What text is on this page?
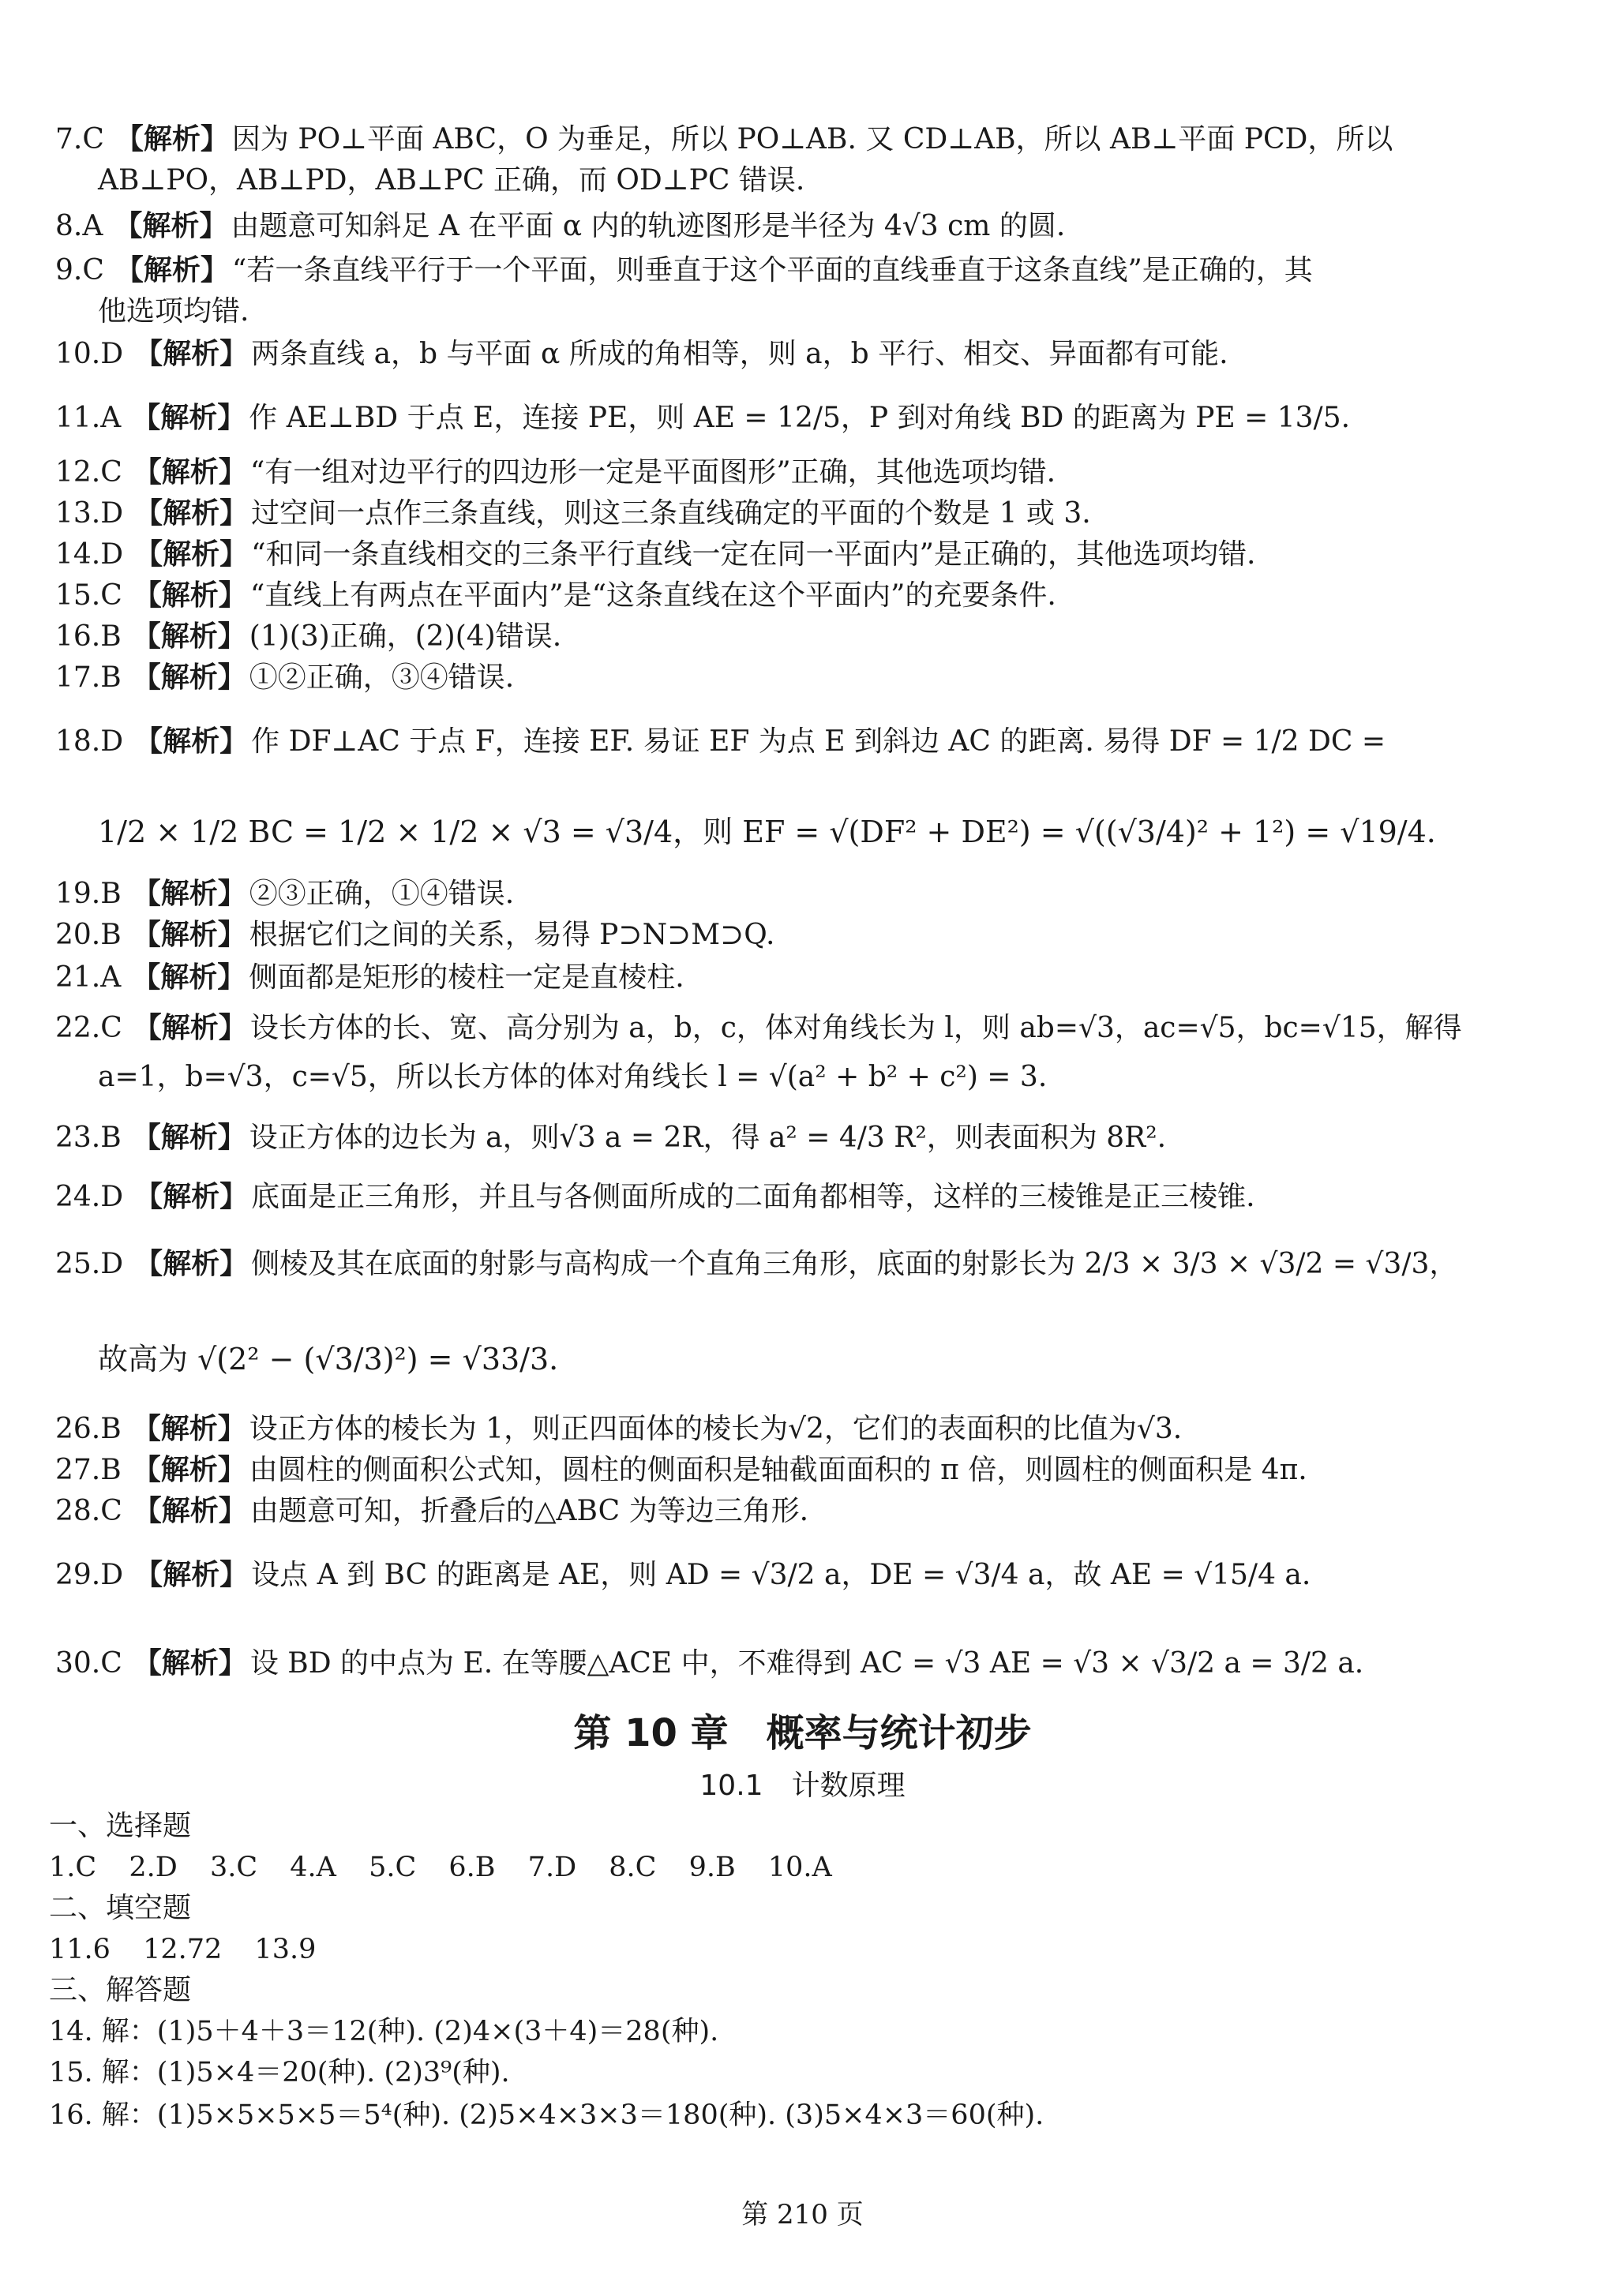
7.C 【解析】 因为 PO⊥平面 ABC，O 为垂足，所以 PO⊥AB. 又 CD⊥AB，所以 AB⊥平面 PCD，所以
AB⊥PO，AB⊥PD，AB⊥PC 正确，而 OD⊥PC 错误.
8.A 【解析】 由题意可知斜足 A 在平面 α 内的轨迹图形是半径为 4√3 cm 的圆.
9.C 【解析】 “若一条直线平行于一个平面，则垂直于这个平面的直线垂直于这条直线”是正确的，其
他选项均错.
10.D 【解析】 两条直线 a，b 与平面 α 所成的角相等，则 a，b 平行、相交、异面都有可能.
11.A 【解析】 作 AE⊥BD 于点 E，连接 PE，则 AE = 12/5，P 到对角线 BD 的距离为 PE = 13/5.
12.C 【解析】 “有一组对边平行的四边形一定是平面图形”正确，其他选项均错.
13.D 【解析】 过空间一点作三条直线，则这三条直线确定的平面的个数是 1 或 3.
14.D 【解析】 “和同一条直线相交的三条平行直线一定在同一平面内”是正确的，其他选项均错.
15.C 【解析】 “直线上有两点在平面内”是“这条直线在这个平面内”的充要条件.
16.B 【解析】 (1)(3)正确，(2)(4)错误.
17.B 【解析】 ①②正确，③④错误.
18.D 【解析】 作 DF⊥AC 于点 F，连接 EF. 易证 EF 为点 E 到斜边 AC 的距离. 易得 DF = 1/2 DC =
1/2 × 1/2 BC = 1/2 × 1/2 × √3 = √3/4，则 EF = √(DF² + DE²) = √((√3/4)² + 1²) = √19/4.
19.B 【解析】 ②③正确，①④错误.
20.B 【解析】 根据它们之间的关系，易得 P⊃N⊃M⊃Q.
21.A 【解析】 侧面都是矩形的棱柱一定是直棱柱.
22.C 【解析】 设长方体的长、宽、高分别为 a，b，c，体对角线长为 l，则 ab=√3，ac=√5，bc=√15，解得
a=1，b=√3，c=√5，所以长方体的体对角线长 l = √(a² + b² + c²) = 3.
23.B 【解析】 设正方体的边长为 a，则√3 a = 2R，得 a² = 4/3 R²，则表面积为 8R².
24.D 【解析】 底面是正三角形，并且与各侧面所成的二面角都相等，这样的三棱锥是正三棱锥.
25.D 【解析】 侧棱及其在底面的射影与高构成一个直角三角形，底面的射影长为 2/3 × 3/3 × √3/2 = √3/3，
故高为 √(2² − (√3/3)²) = √33/3.
26.B 【解析】 设正方体的棱长为 1，则正四面体的棱长为√2，它们的表面积的比值为√3.
27.B 【解析】 由圆柱的侧面积公式知，圆柱的侧面积是轴截面面积的 π 倍，则圆柱的侧面积是 4π.
28.C 【解析】 由题意可知，折叠后的△ABC 为等边三角形.
29.D 【解析】 设点 A 到 BC 的距离是 AE，则 AD = √3/2 a，DE = √3/4 a，故 AE = √15/4 a.
30.C 【解析】 设 BD 的中点为 E. 在等腰△ACE 中，不难得到 AC = √3 AE = √3 × √3/2 a = 3/2 a.
第 10 章　概率与统计初步
10.1　计数原理
一、选择题
1.C 2.D 3.C 4.A 5.C 6.B 7.D 8.C 9.B 10.A
二、填空题
11.6 12.72 13.9
三、解答题
14. 解：(1)5＋4＋3＝12(种). (2)4×(3＋4)＝28(种).
15. 解：(1)5×4＝20(种). (2)3⁹(种).
16. 解：(1)5×5×5×5＝5⁴(种). (2)5×4×3×3＝180(种). (3)5×4×3＝60(种).
第 210 页
